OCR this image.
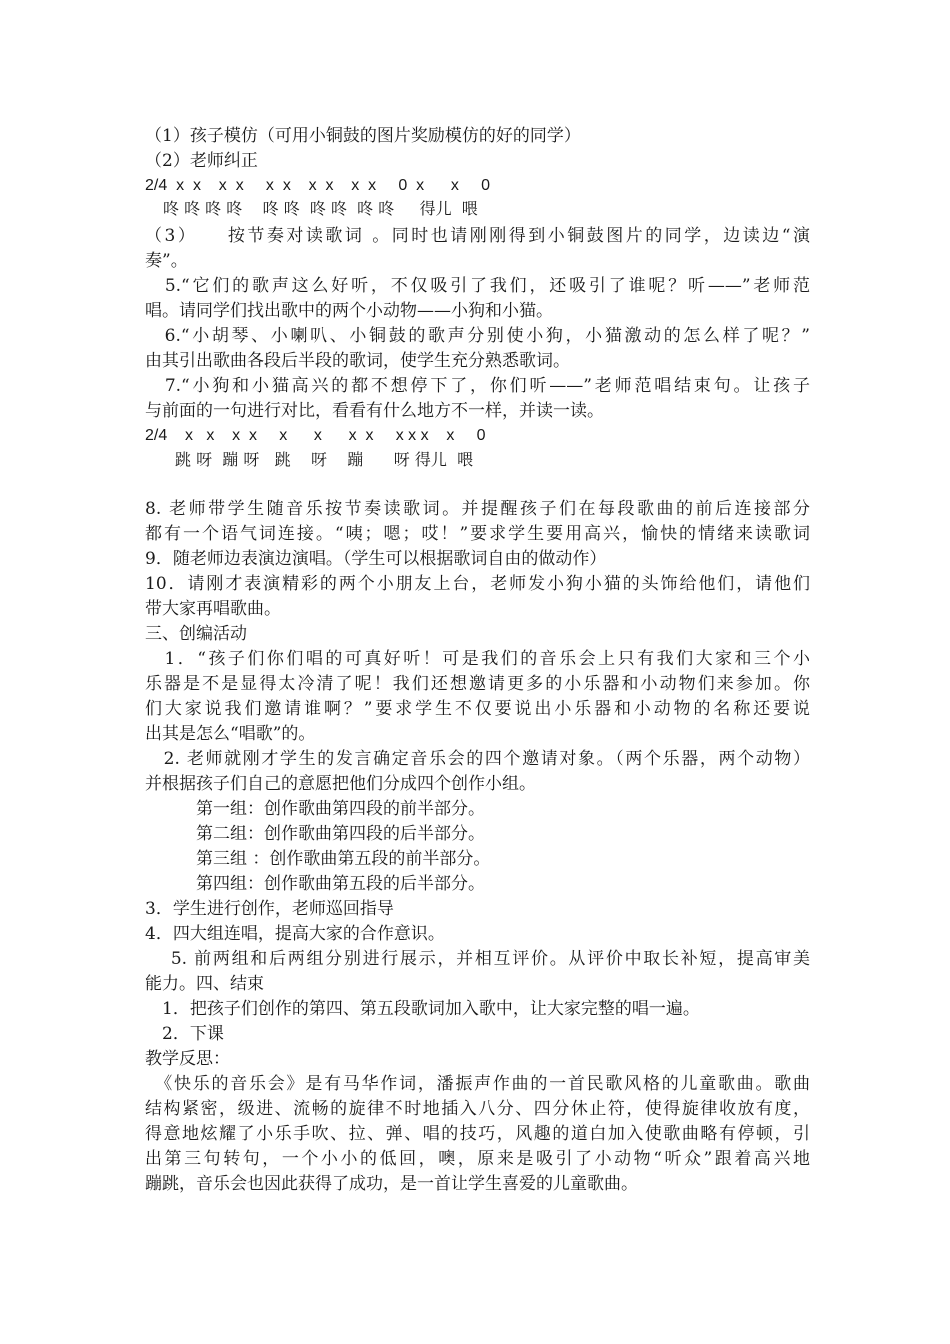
（1）孩子模仿（可用小铜鼓的图片奖励模仿的好的同学）
（2）老师纠正
2/4  x  x    x  x     x  x    x  x    x  x     0  x      x     0
咚 咚 咚 咚    咚 咚  咚 咚  咚 咚     得儿  喂
（3）　　按节奏对读歌词 。同时也请刚刚得到小铜鼓图片的同学，边读边“演
奏”。
　5.“它们的歌声这么好听，不仅吸引了我们，还吸引了谁呢？听——”老师范
唱。请同学们找出歌中的两个小动物——小狗和小猫。
　6.“小胡琴、小喇叭、小铜鼓的歌声分别使小狗，小猫激动的怎么样了呢？”
由其引出歌曲各段后半段的歌词，使学生充分熟悉歌词。
　7.“小狗和小猫高兴的都不想停下了，你们听——”老师范唱结束句。让孩子
与前面的一句进行对比，看看有什么地方不一样，并读一读。
2/4    x   x    x  x     x      x      x  x     x x x    x     0
跳 呀  蹦 呀   跳    呀    蹦      呀 得儿  喂
8. 老师带学生随音乐按节奏读歌词。并提醒孩子们在每段歌曲的前后连接部分
都有一个语气词连接。“咦；嗯；哎！”要求学生要用高兴，愉快的情绪来读歌词
9．随老师边表演边演唱。（学生可以根据歌词自由的做动作）
10．请刚才表演精彩的两个小朋友上台，老师发小狗小猫的头饰给他们，请他们
带大家再唱歌曲。
三、创编活动
　1．“孩子们你们唱的可真好听！可是我们的音乐会上只有我们大家和三个小
乐器是不是显得太冷清了呢！我们还想邀请更多的小乐器和小动物们来参加。你
们大家说我们邀请谁啊？”要求学生不仅要说出小乐器和小动物的名称还要说
出其是怎么“唱歌”的。
　2. 老师就刚才学生的发言确定音乐会的四个邀请对象。（两个乐器，两个动物）
并根据孩子们自己的意愿把他们分成四个创作小组。
　　　第一组：创作歌曲第四段的前半部分。
　　　第二组：创作歌曲第四段的后半部分。
　　　第三组 ：创作歌曲第五段的前半部分。
　　　第四组：创作歌曲第五段的后半部分。
3．学生进行创作，老师巡回指导
4．四大组连唱，提高大家的合作意识。
　 5. 前两组和后两组分别进行展示，并相互评价。从评价中取长补短，提高审美
能力。四、结束
　1．把孩子们创作的第四、第五段歌词加入歌中，让大家完整的唱一遍。
　2．下课
教学反思：
　《快乐的音乐会》是有马华作词，潘振声作曲的一首民歌风格的儿童歌曲。歌曲
结构紧密，级进、流畅的旋律不时地插入八分、四分休止符，使得旋律收放有度，
得意地炫耀了小乐手吹、拉、弹、唱的技巧，风趣的道白加入使歌曲略有停顿，引
出第三句转句，一个小小的低回，噢，原来是吸引了小动物“听众”跟着高兴地
蹦跳，音乐会也因此获得了成功，是一首让学生喜爱的儿童歌曲。
